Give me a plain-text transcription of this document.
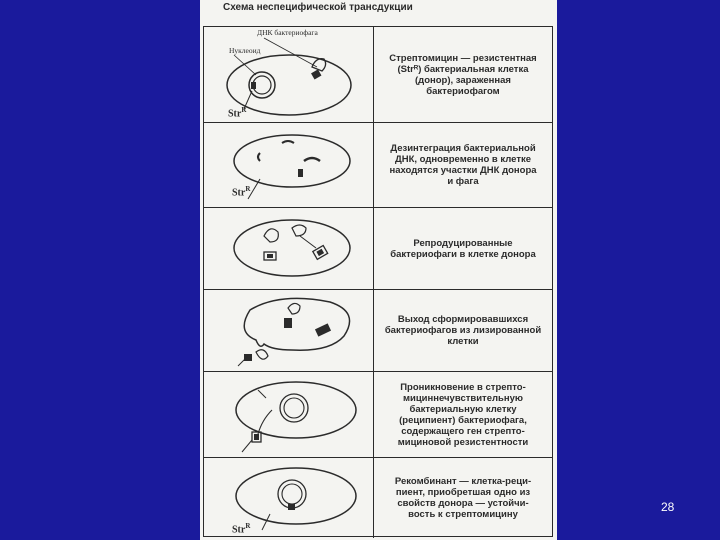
Схема неспецифической трансдукции
ДНК бактериофага
Нуклеоид
Str$^R$

Стрептомицин — резистентная
(Strᴿ) бактериальная клетка
(донор), зараженная
бактериофагом

Str$^R$

Дезинтеграция бактериальной
ДНК, одновременно в клетке
находятся участки ДНК донора
и фага

Репродуцированные
бактериофаги в клетке донора

Выход сформировавшихся
бактериофагов из лизированной
клетки

Проникновение в стрепто-
мициннечувствительную
бактериальную клетку
(реципиент) бактериофага,
содержащего ген стрепто-
мициновой резистентности

Str$^R$

Рекомбинант — клетка-реци-
пиент, приобретшая одно из
свойств донора — устойчи-
вость к стрептомицину

28
